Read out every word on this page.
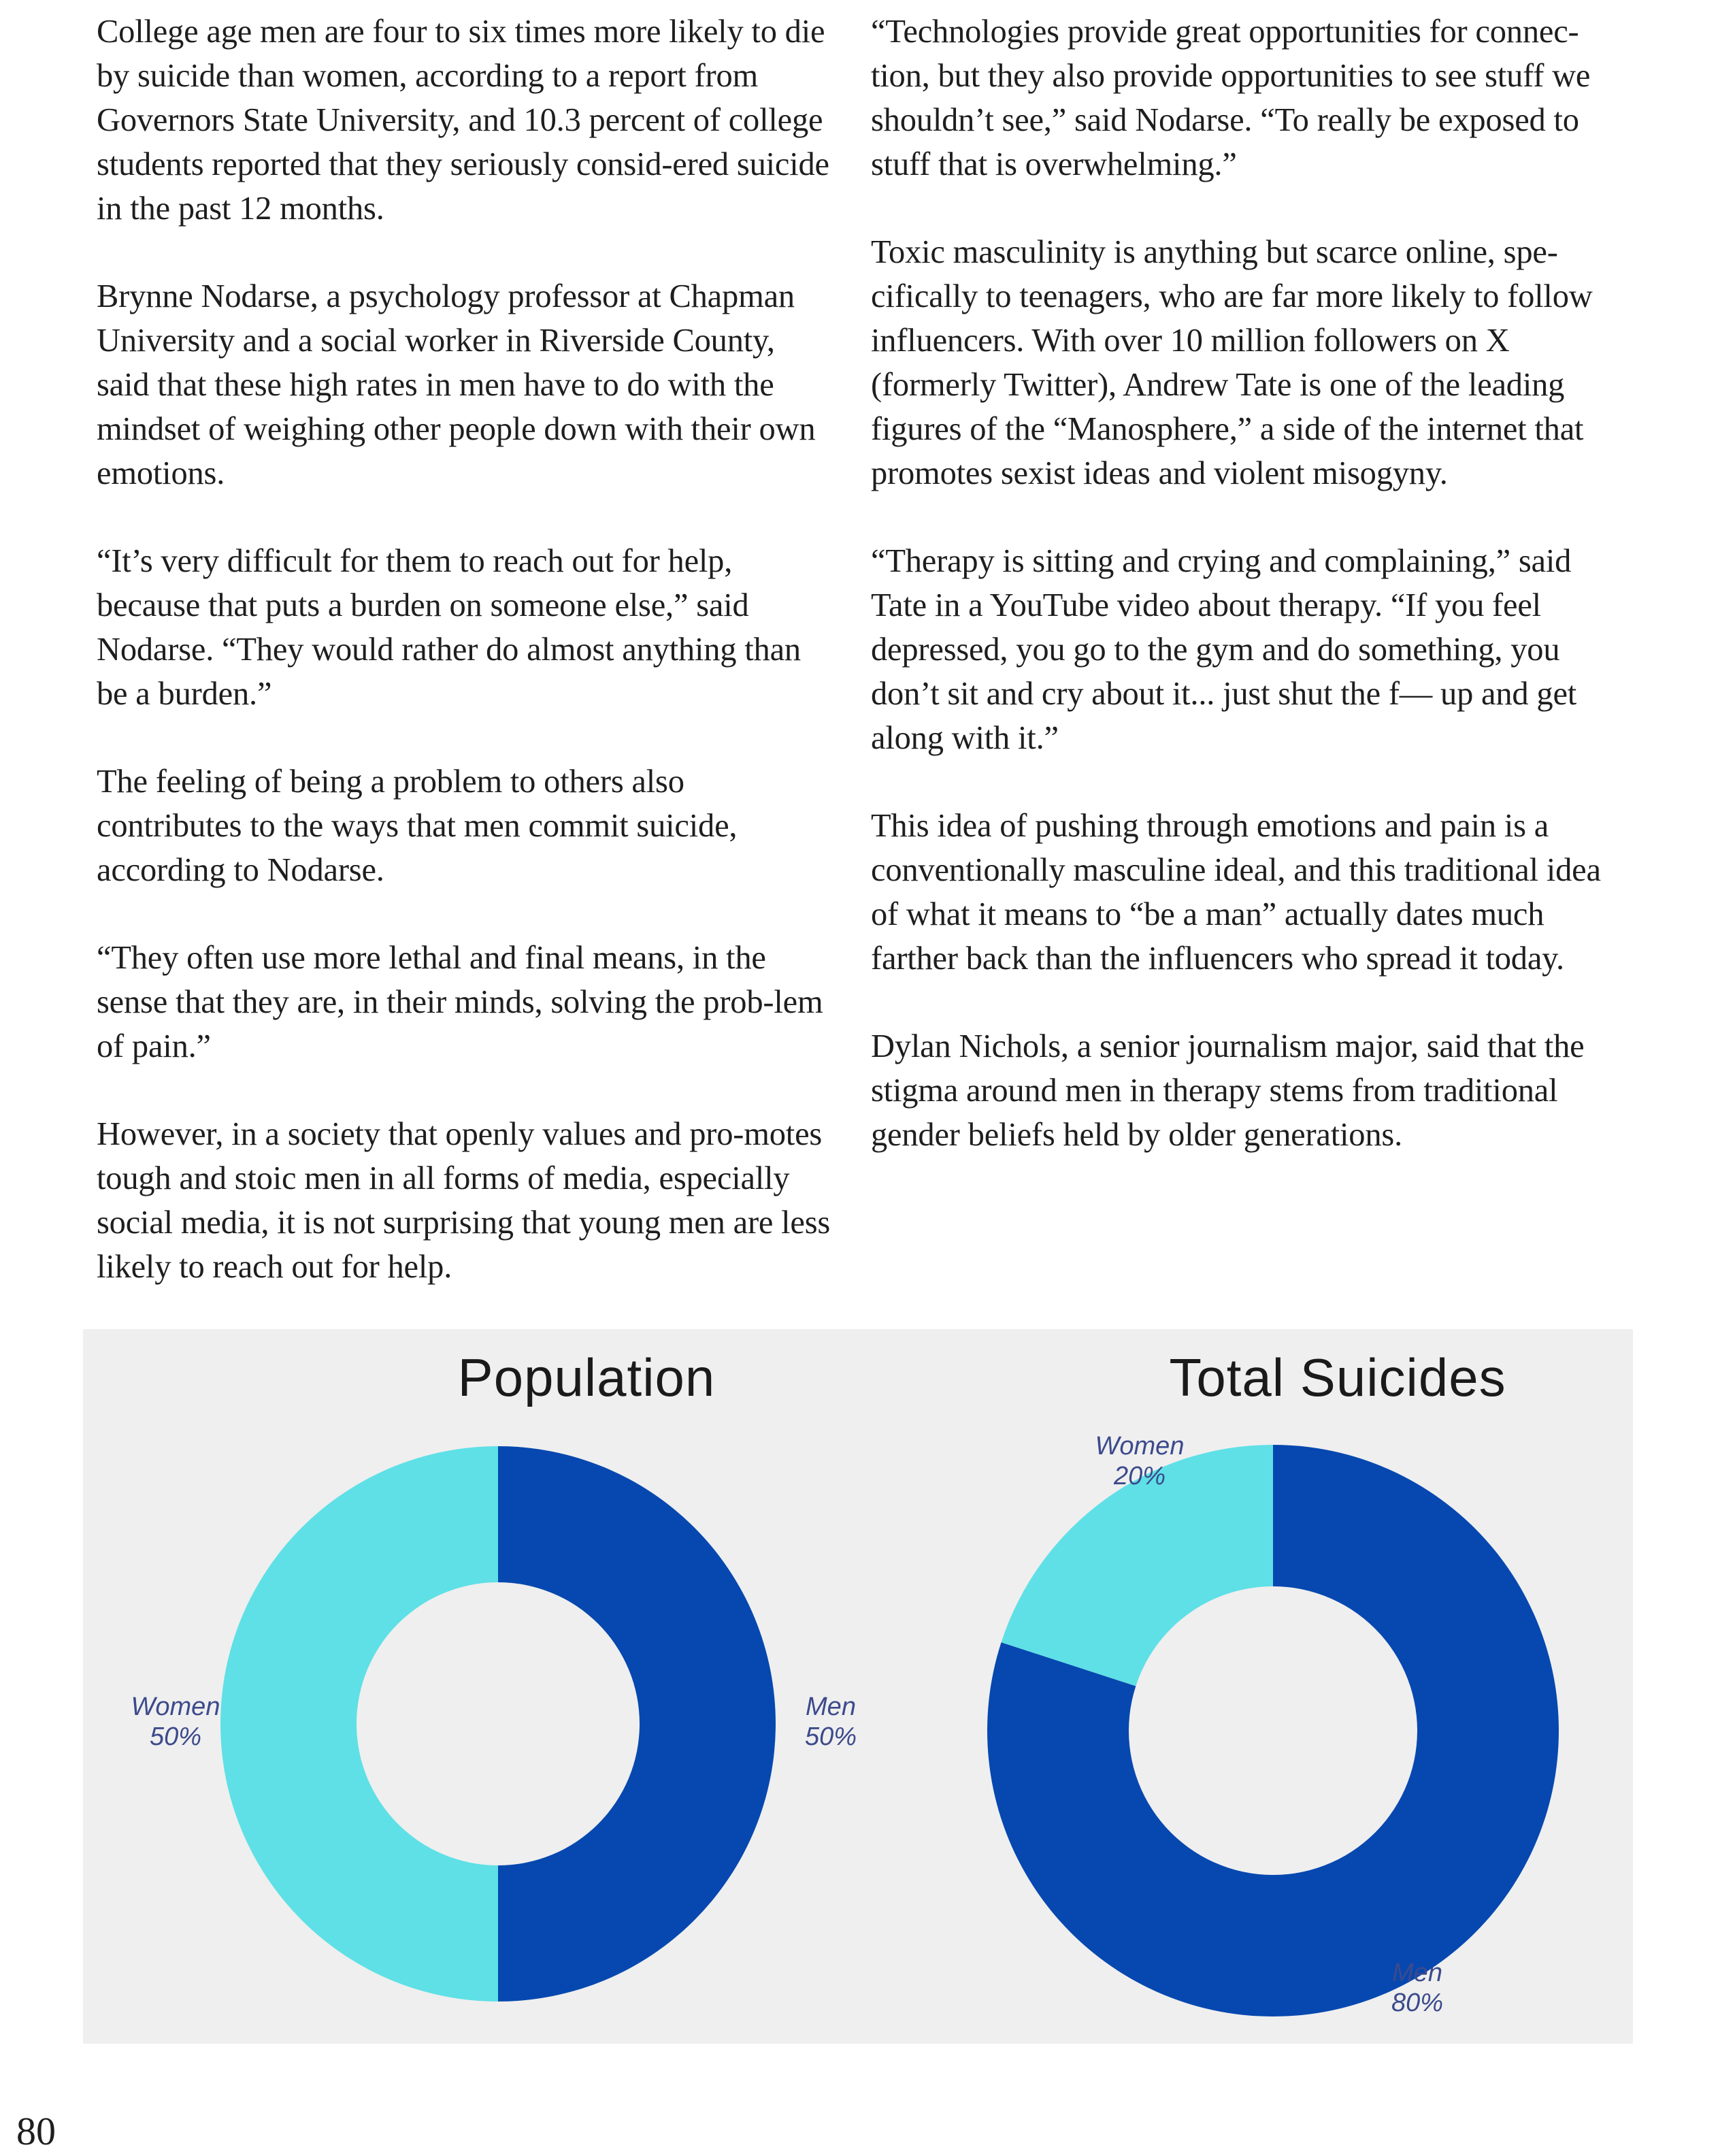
College age men are four to six times more likely to die by suicide than women, according to a report from Governors State University, and 10.3 percent of college students reported that they seriously consid-ered suicide in the past 12 months.

Brynne Nodarse, a psychology professor at Chapman University and a social worker in Riverside County, said that these high rates in men have to do with the mindset of weighing other people down with their own emotions.

“It’s very difficult for them to reach out for help, because that puts a burden on someone else,” said Nodarse. “They would rather do almost anything than be a burden.”

The feeling of being a problem to others also contributes to the ways that men commit suicide, according to Nodarse.

“They often use more lethal and final means, in the sense that they are, in their minds, solving the prob-lem of pain.”

However, in a society that openly values and pro-motes tough and stoic men in all forms of media, especially social media, it is not surprising that young men are less likely to reach out for help.

“Technologies provide great opportunities for connec-tion, but they also provide opportunities to see stuff we shouldn’t see,” said Nodarse. “To really be exposed to stuff that is overwhelming.”

Toxic masculinity is anything but scarce online, spe-cifically to teenagers, who are far more likely to follow influencers. With over 10 million followers on X (formerly Twitter), Andrew Tate is one of the leading figures of the “Manosphere,” a side of the internet that promotes sexist ideas and violent misogyny.

“Therapy is sitting and crying and complaining,” said Tate in a YouTube video about therapy. “If you feel depressed, you go to the gym and do something, you don’t sit and cry about it... just shut the f— up and get along with it.”

This idea of pushing through emotions and pain is a conventionally masculine ideal, and this traditional idea of what it means to “be a man” actually dates much farther back than the influencers who spread it today.

Dylan Nichols, a senior journalism major, said that the stigma around men in therapy stems from traditional gender beliefs held by older generations.

Population	Total Suicides
Women
50%
Men
50%
Women
20%
Men
80%

80
